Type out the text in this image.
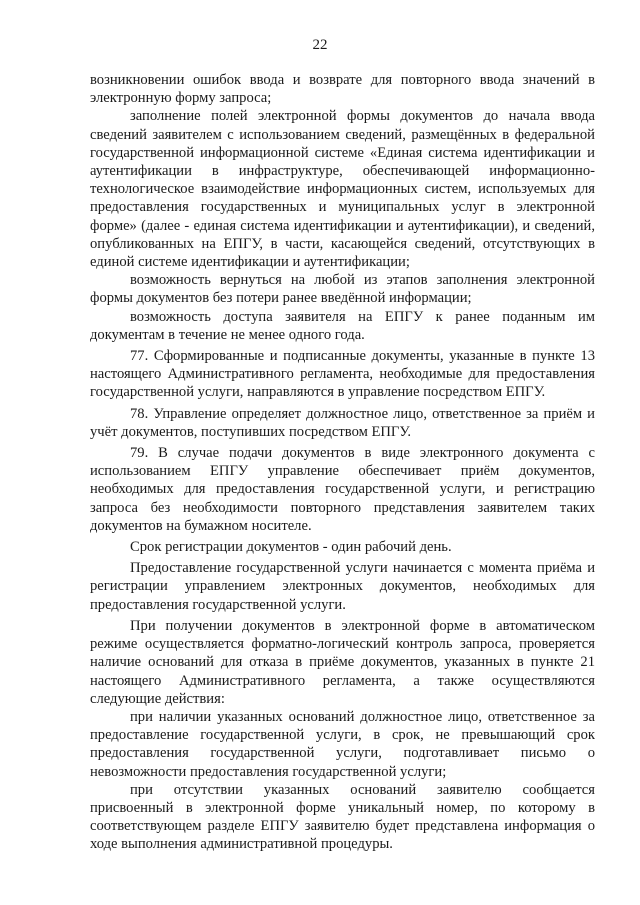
22

возникновении ошибок ввода и возврате для повторного ввода значений в электронную форму запроса;

заполнение полей электронной формы документов до начала ввода сведений заявителем с использованием сведений, размещённых в федеральной государственной информационной системе «Единая система идентификации и аутентификации в инфраструктуре, обеспечивающей информационно-технологическое взаимодействие информационных систем, используемых для предоставления государственных и муниципальных услуг в электронной форме» (далее - единая система идентификации и аутентификации), и сведений, опубликованных на ЕПГУ, в части, касающейся сведений, отсутствующих в единой системе идентификации и аутентификации;

возможность вернуться на любой из этапов заполнения электронной формы документов без потери ранее введённой информации;

возможность доступа заявителя на ЕПГУ к ранее поданным им документам в течение не менее одного года.

77. Сформированные и подписанные документы, указанные в пункте 13 настоящего Административного регламента, необходимые для предоставления государственной услуги, направляются в управление посредством ЕПГУ.

78. Управление определяет должностное лицо, ответственное за приём и учёт документов, поступивших посредством ЕПГУ.

79. В случае подачи документов в виде электронного документа с использованием ЕПГУ управление обеспечивает приём документов, необходимых для предоставления государственной услуги, и регистрацию запроса без необходимости повторного представления заявителем таких документов на бумажном носителе.

Срок регистрации документов - один рабочий день.

Предоставление государственной услуги начинается с момента приёма и регистрации управлением электронных документов, необходимых для предоставления государственной услуги.

При получении документов в электронной форме в автоматическом режиме осуществляется форматно-логический контроль запроса, проверяется наличие оснований для отказа в приёме документов, указанных в пункте 21 настоящего Административного регламента, а также осуществляются следующие действия:

при наличии указанных оснований должностное лицо, ответственное за предоставление государственной услуги, в срок, не превышающий срок предоставления государственной услуги, подготавливает письмо о невозможности предоставления государственной услуги;

при отсутствии указанных оснований заявителю сообщается присвоенный в электронной форме уникальный номер, по которому в соответствующем разделе ЕПГУ заявителю будет представлена информация о ходе выполнения административной процедуры.
